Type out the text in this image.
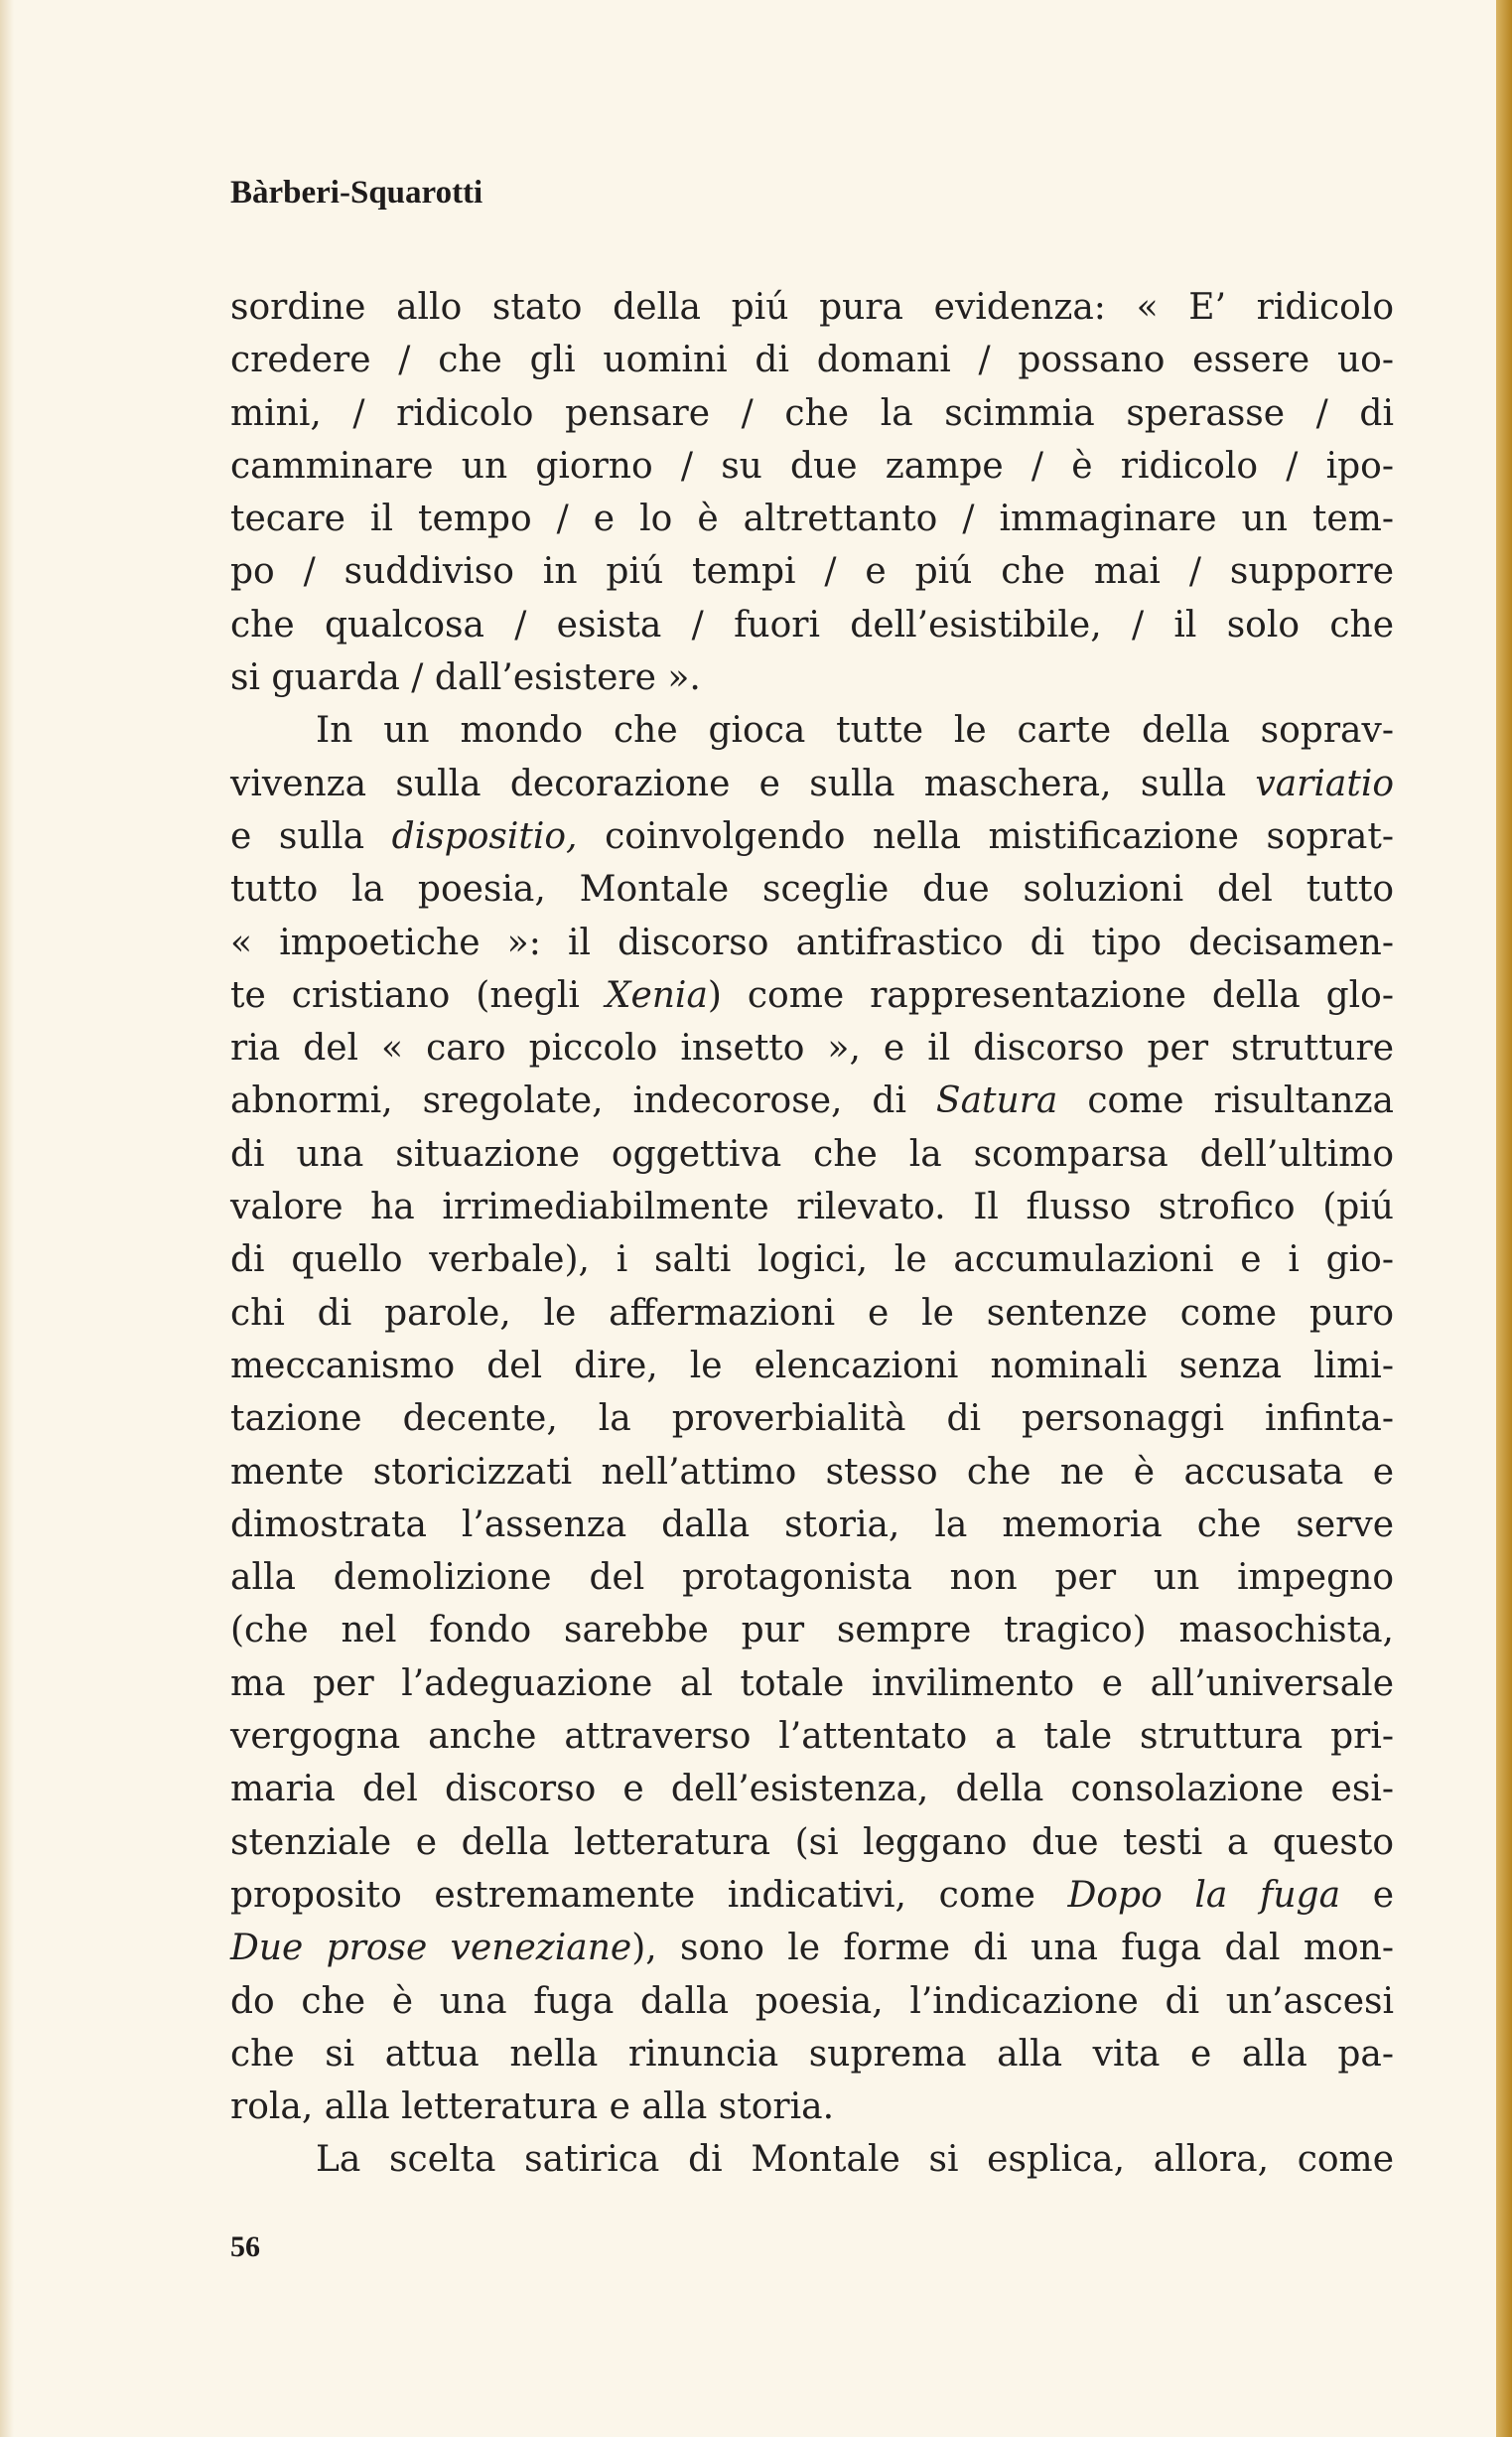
Bàrberi-Squarotti
sordine allo stato della piú pura evidenza: « E’ ridicolo
credere / che gli uomini di domani / possano essere uo-
mini, / ridicolo pensare / che la scimmia sperasse / di
camminare un giorno / su due zampe / è ridicolo / ipo-
tecare il tempo / e lo è altrettanto / immaginare un tem-
po / suddiviso in piú tempi / e piú che mai / supporre
che qualcosa / esista / fuori dell’esistibile, / il solo che
si guarda / dall’esistere ».
In un mondo che gioca tutte le carte della soprav-
vivenza sulla decorazione e sulla maschera, sulla variatio
e sulla dispositio, coinvolgendo nella mistificazione soprat-
tutto la poesia, Montale sceglie due soluzioni del tutto
« impoetiche »: il discorso antifrastico di tipo decisamen-
te cristiano (negli Xenia) come rappresentazione della glo-
ria del « caro piccolo insetto », e il discorso per strutture
abnormi, sregolate, indecorose, di Satura come risultanza
di una situazione oggettiva che la scomparsa dell’ultimo
valore ha irrimediabilmente rilevato. Il flusso strofico (piú
di quello verbale), i salti logici, le accumulazioni e i gio-
chi di parole, le affermazioni e le sentenze come puro
meccanismo del dire, le elencazioni nominali senza limi-
tazione decente, la proverbialità di personaggi infinta-
mente storicizzati nell’attimo stesso che ne è accusata e
dimostrata l’assenza dalla storia, la memoria che serve
alla demolizione del protagonista non per un impegno
(che nel fondo sarebbe pur sempre tragico) masochista,
ma per l’adeguazione al totale invilimento e all’universale
vergogna anche attraverso l’attentato a tale struttura pri-
maria del discorso e dell’esistenza, della consolazione esi-
stenziale e della letteratura (si leggano due testi a questo
proposito estremamente indicativi, come Dopo la fuga e
Due prose veneziane), sono le forme di una fuga dal mon-
do che è una fuga dalla poesia, l’indicazione di un’ascesi
che si attua nella rinuncia suprema alla vita e alla pa-
rola, alla letteratura e alla storia.
La scelta satirica di Montale si esplica, allora, come
56
